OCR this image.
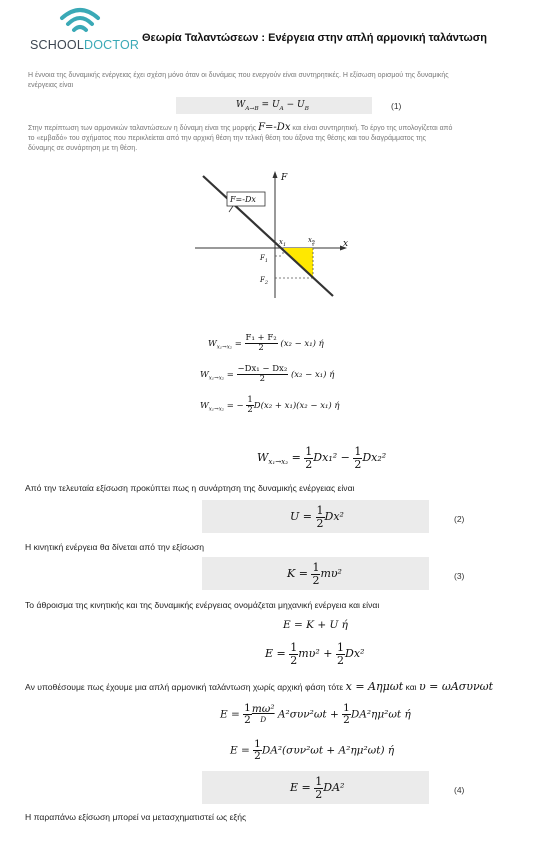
SCHOOLDOCTOR Θεωρία Ταλαντώσεων : Ενέργεια στην απλή αρμονική ταλάντωση
Η έννοια της δυναμικής ενέργειας έχει σχέση μόνο όταν οι δυνάμεις που ενεργούν είναι συντηρητικές. Η εξίσωση ορισμού της δυναμικής
ενέργειας είναι
$W_{A\to B} = U_A - U_B$	(1)
Στην περίπτωση των αρμονικών ταλαντώσεων η δύναμη είναι της μορφής F=-Dx και είναι συντηρητική. Το έργο της υπολογίζεται από
το «εμβαδό» του σχήματος που περικλείεται από την αρχική θέση την τελική θέση του άξονα της θέσης και του διαγράμματος της
δύναμης σε συνάρτηση με τη θέση.
F=-Dx
F
x
$x_1$
$x_2$
$F_1$
$F_2$
$W_{x_1\to x_2} = \frac{\text{F₁ + F₂}}{2} (x_2 - x_1)$ ή
$W_{x_1\to x_2} = \frac{\text{−Dx₁ − Dx₂}}{2} (x_2 - x_1)$ ή
$W_{x_1\to x_2}$ = − $\frac{1}{2} D(x_2 + x_1)(x_2 - x_1)$ ή
$W_{x_1\to x_2} = \frac{1}{2} Dx_1^2 - \frac{1}{2} Dx_2^2$
Από την τελευταία εξίσωση προκύπτει πως η συνάρτηση της δυναμικής ενέργειας είναι
$U = \frac{1}{2} Dx^2$	(2)
Η κινητική ενέργεια θα δίνεται από την εξίσωση
$K = \frac{1}{2} m\upsilon^2$	(3)
Το άθροισμα της κινητικής και της δυναμικής ενέργειας ονομάζεται μηχανική ενέργεια και είναι
E = K + U ή
$E = \frac{1}{2} m\upsilon^2 + \frac{1}{2} Dx^2$
Αν υποθέσουμε πως έχουμε μια απλή αρμονική ταλάντωση χωρίς αρχική φάση τότε x = Aημωt και υ = ωAσυνωt
$E = \frac{1}{2} m\omega^2$
D	$A^2\sigma\upsilon\nu^2\omega t + \frac{1}{2} DA^2\eta\mu^2\omega t$ ή
$E = \frac{1}{2} DA^2(\sigma\upsilon\nu^2\omega t + A^2\eta\mu^2\omega t)$ ή
$E = \frac{1}{2} DA^2$	(4)
Η παραπάνω εξίσωση μπορεί να μετασχηματιστεί ως εξής
